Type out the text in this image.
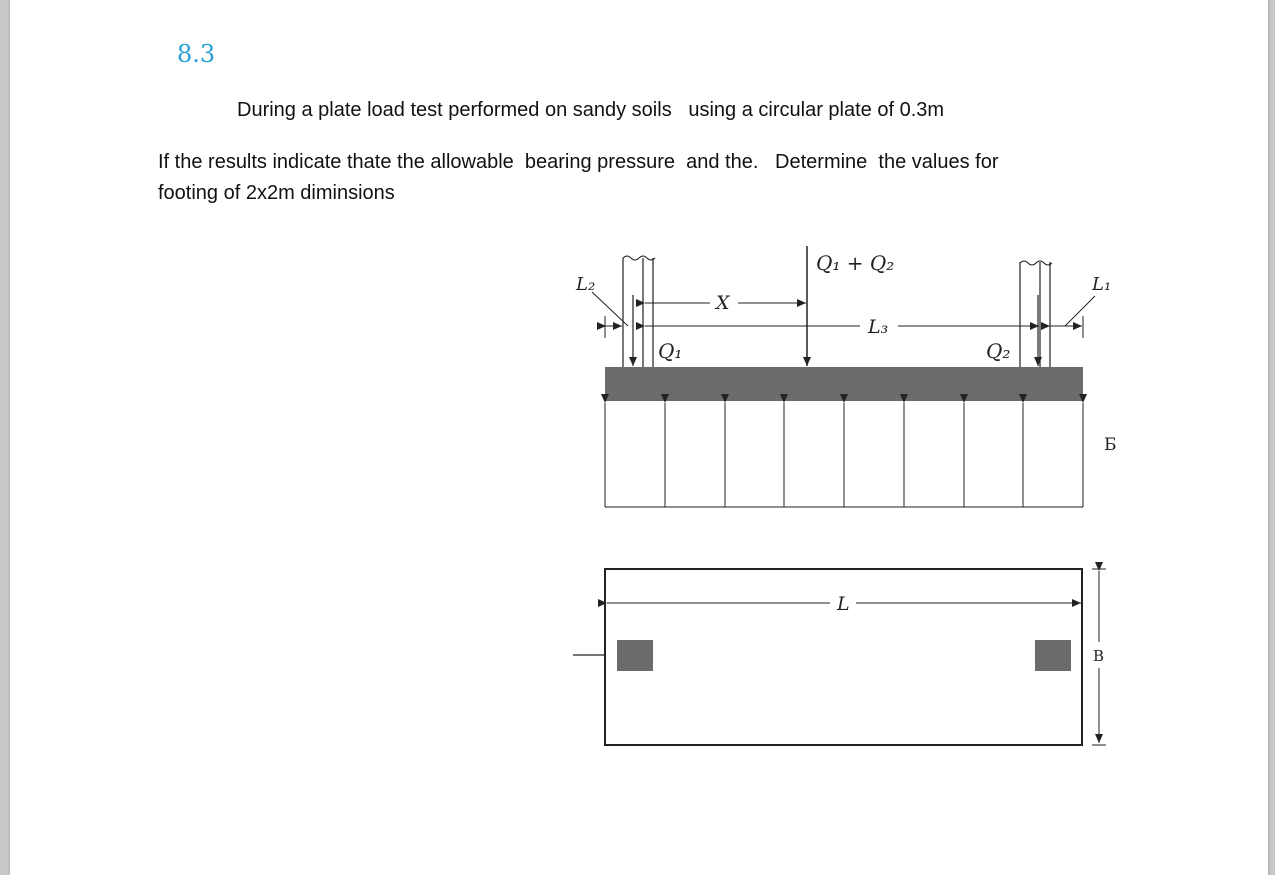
8.3
During a plate load test performed on sandy soils   using a circular plate of 0.3m
If the results indicate thate the allowable  bearing pressure  and the.   Determine  the values for
footing of 2x2m diminsions
Q₁ + Q₂
X
L₃
L₂	L₁
Q₁	Q₂
Б
L
B
